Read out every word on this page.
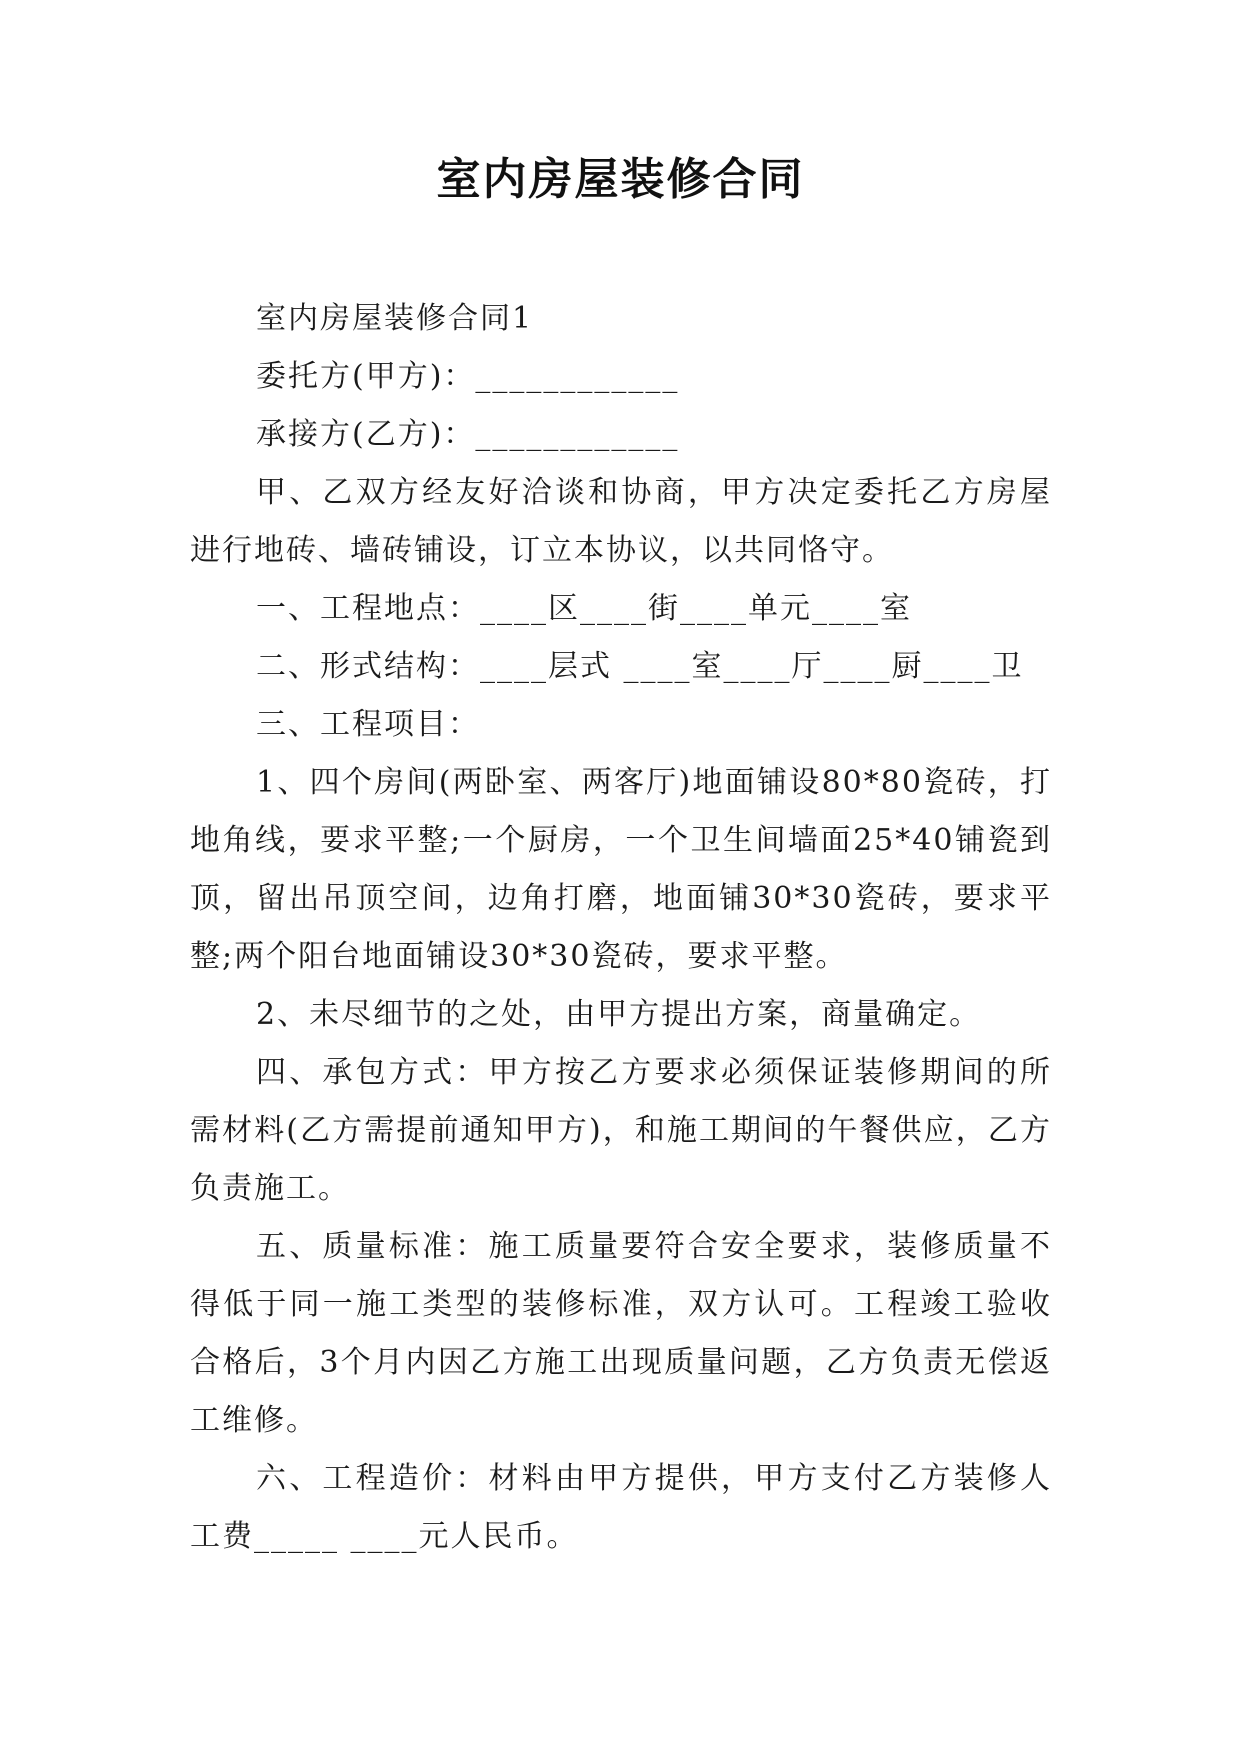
室内房屋装修合同

室内房屋装修合同1

委托方(甲方)：____________

承接方(乙方)：____________

甲、乙双方经友好洽谈和协商，甲方决定委托乙方房屋进行地砖、墙砖铺设，订立本协议，以共同恪守。

一、工程地点：____区____街____单元____室

二、形式结构：____层式 ____室____厅____厨____卫

三、工程项目：

1、四个房间(两卧室、两客厅)地面铺设80*80瓷砖，打地角线，要求平整;一个厨房，一个卫生间墙面25*40铺瓷到顶，留出吊顶空间，边角打磨，地面铺30*30瓷砖，要求平整;两个阳台地面铺设30*30瓷砖，要求平整。

2、未尽细节的之处，由甲方提出方案，商量确定。

四、承包方式：甲方按乙方要求必须保证装修期间的所需材料(乙方需提前通知甲方)，和施工期间的午餐供应，乙方负责施工。

五、质量标准：施工质量要符合安全要求，装修质量不得低于同一施工类型的装修标准，双方认可。工程竣工验收合格后，3个月内因乙方施工出现质量问题，乙方负责无偿返工维修。

六、工程造价：材料由甲方提供，甲方支付乙方装修人工费_____ ____元人民币。
